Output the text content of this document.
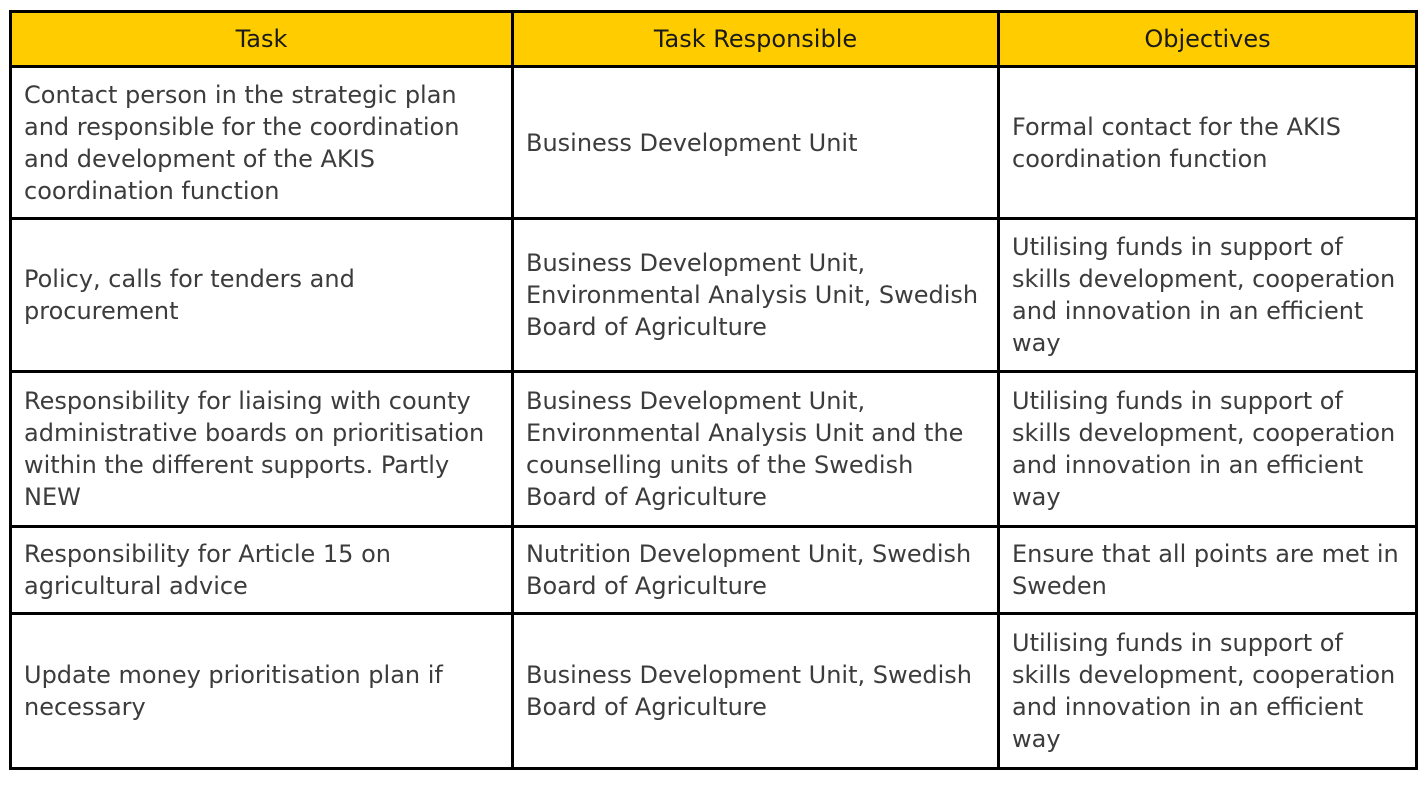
Task	Task Responsible	Objectives
Contact person in the strategic plan and responsible for the coordination and development of the AKIS coordination function	Business Development Unit	Formal contact for the AKIS coordination function
Policy, calls for tenders and procurement	Business Development Unit, Environmental Analysis Unit, Swedish Board of Agriculture	Utilising funds in support of skills development, cooperation and innovation in an efficient way
Responsibility for liaising with county administrative boards on prioritisation within the different supports. Partly NEW	Business Development Unit, Environmental Analysis Unit and the counselling units of the Swedish Board of Agriculture	Utilising funds in support of skills development, cooperation and innovation in an efficient way
Responsibility for Article 15 on agricultural advice	Nutrition Development Unit, Swedish Board of Agriculture	Ensure that all points are met in Sweden
Update money prioritisation plan if necessary	Business Development Unit, Swedish Board of Agriculture	Utilising funds in support of skills development, cooperation and innovation in an efficient way
